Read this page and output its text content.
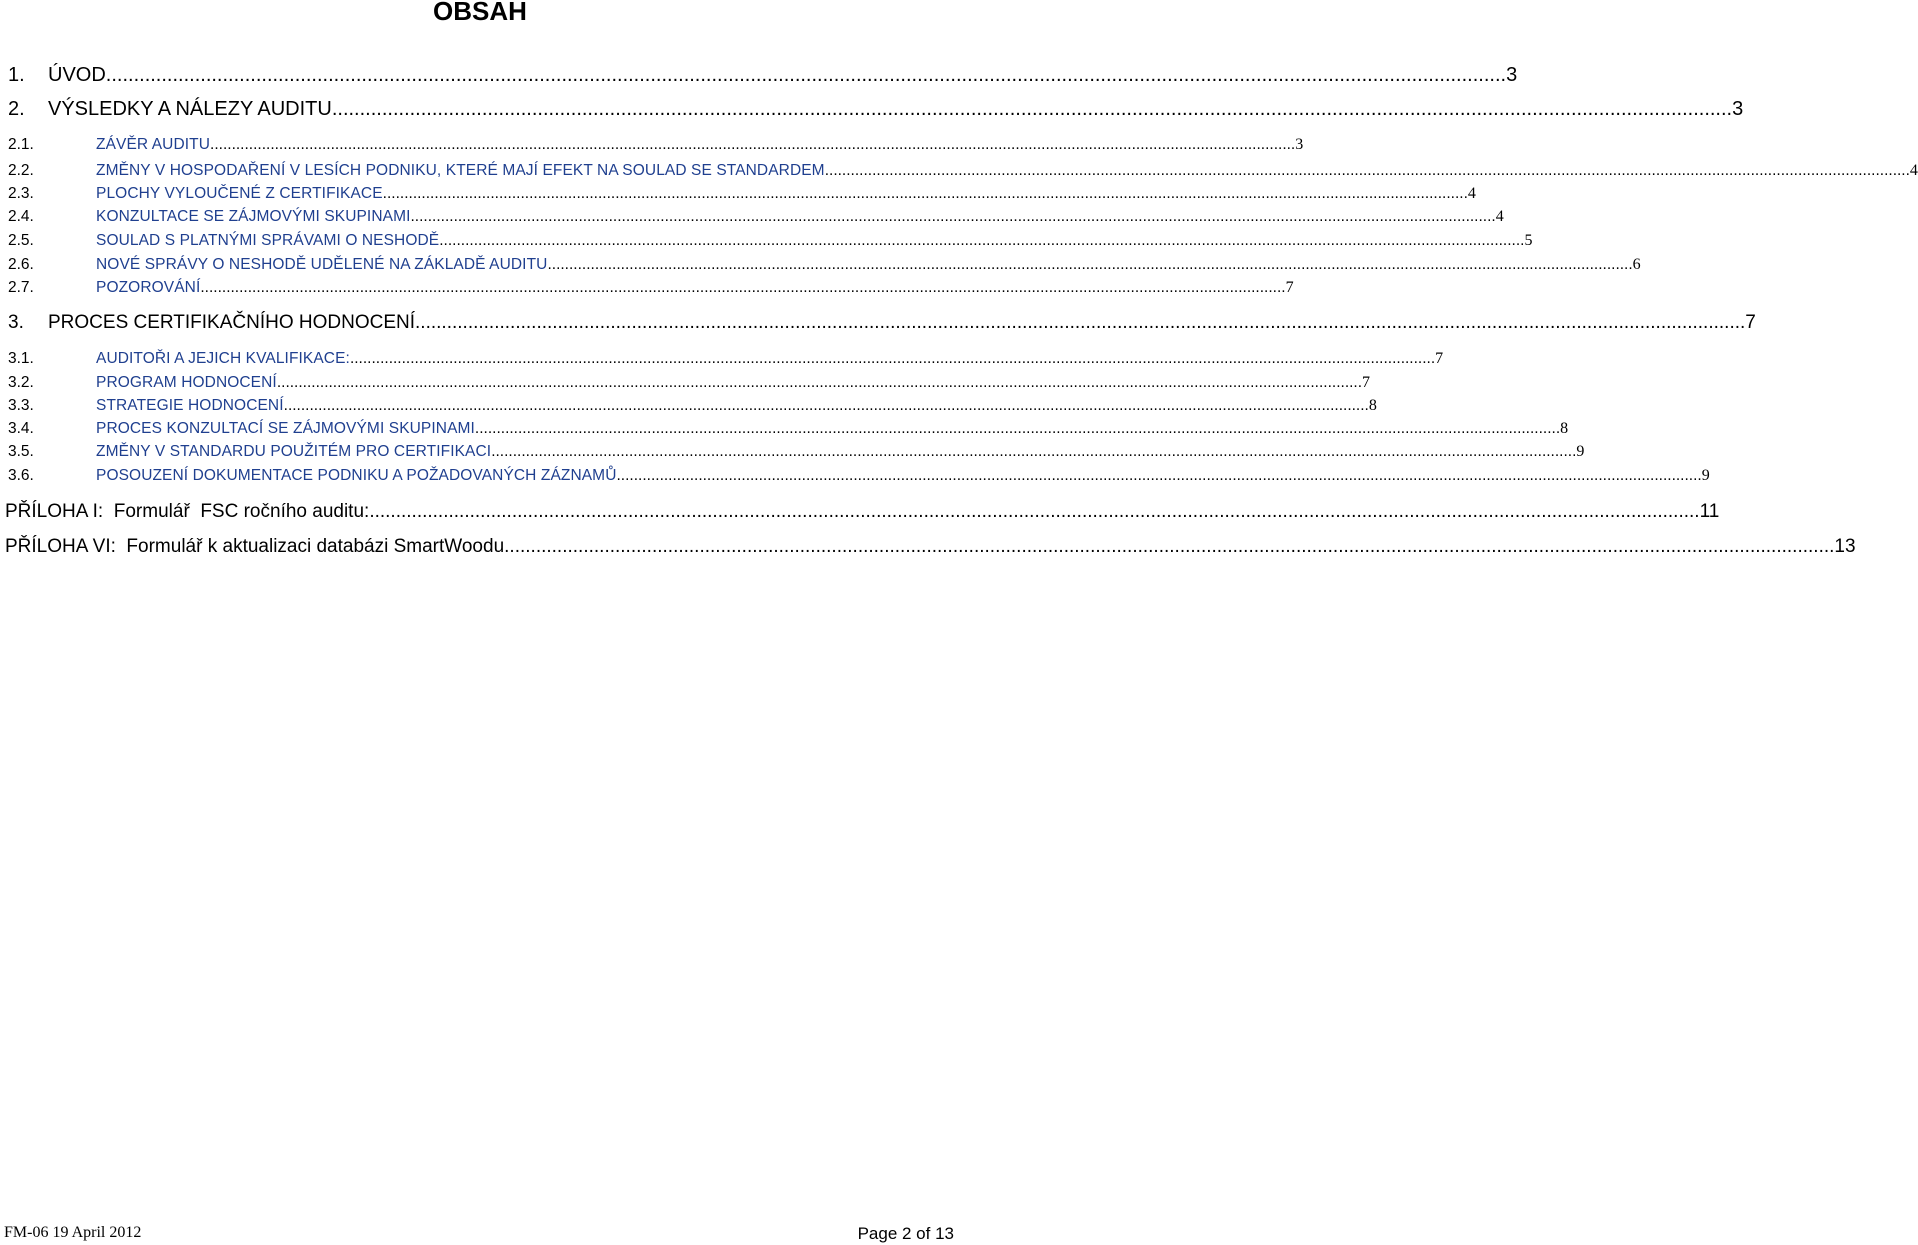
OBSAH
1.	ÚVOD .....	3
2.	VÝSLEDKY A NÁLEZY AUDITU .....	3
2.1.	ZÁVĚR AUDITU .....	3
2.2.	ZMĚNY V HOSPODAŘENÍ V LESÍCH PODNIKU, KTERÉ MAJÍ EFEKT NA SOULAD SE STANDARDEM .....	4
2.3.	PLOCHY VYLOUČENÉ Z CERTIFIKACE .....	4
2.4.	KONZULTACE SE ZÁJMOVÝMI SKUPINAMI .....	4
2.5.	SOULAD S PLATNÝMI SPRÁVAMI O NESHODĚ .....	5
2.6.	NOVÉ SPRÁVY O NESHODĚ UDĚLENÉ NA ZÁKLADĚ AUDITU .....	6
2.7.	POZOROVÁNÍ .....	7
3.	PROCES CERTIFIKAČNÍHO HODNOCENÍ .....	7
3.1.	AUDITOŘI A JEJICH KVALIFIKACE: .....	7
3.2.	PROGRAM HODNOCENÍ .....	7
3.3.	STRATEGIE HODNOCENÍ .....	8
3.4.	PROCES KONZULTACÍ SE ZÁJMOVÝMI SKUPINAMI .....	8
3.5.	ZMĚNY V STANDARDU POUŽITÉM PRO CERTIFIKACI .....	9
3.6.	POSOUZENÍ DOKUMENTACE PODNIKU A POŽADOVANÝCH ZÁZNAMŮ .....	9
PŘÍLOHA I:  Formulář  FSC ročního auditu: .....	11
PŘÍLOHA VI:  Formulář k aktualizaci databázi SmartWoodu .....	13
FM-06 19 April 2012	Page 2 of 13
